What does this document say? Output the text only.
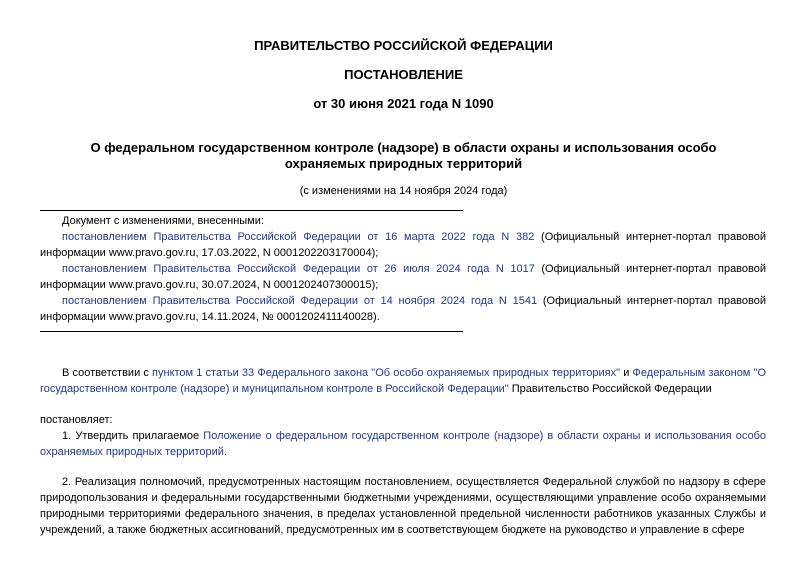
ПРАВИТЕЛЬСТВО РОССИЙСКОЙ ФЕДЕРАЦИИ
ПОСТАНОВЛЕНИЕ
от 30 июня 2021 года N 1090
О федеральном государственном контроле (надзоре) в области охраны и использования особо охраняемых природных территорий
(с изменениями на 14 ноября 2024 года)
Документ с изменениями, внесенными:
постановлением Правительства Российской Федерации от 16 марта 2022 года N 382 (Официальный интернет-портал правовой информации www.pravo.gov.ru, 17.03.2022, N 0001202203170004);
постановлением Правительства Российской Федерации от 26 июля 2024 года N 1017 (Официальный интернет-портал правовой информации www.pravo.gov.ru, 30.07.2024, N 0001202407300015);
постановлением Правительства Российской Федерации от 14 ноября 2024 года N 1541 (Официальный интернет-портал правовой информации www.pravo.gov.ru, 14.11.2024, № 0001202411140028).
В соответствии с пунктом 1 статьи 33 Федерального закона "Об особо охраняемых природных территориях" и Федеральным законом "О государственном контроле (надзоре) и муниципальном контроле в Российской Федерации" Правительство Российской Федерации
постановляет:
1. Утвердить прилагаемое Положение о федеральном государственном контроле (надзоре) в области охраны и использования особо охраняемых природных территорий.
2. Реализация полномочий, предусмотренных настоящим постановлением, осуществляется Федеральной службой по надзору в сфере природопользования и федеральными государственными бюджетными учреждениями, осуществляющими управление особо охраняемыми природными территориями федерального значения, в пределах установленной предельной численности работников указанных Службы и учреждений, а также бюджетных ассигнований, предусмотренных им в соответствующем бюджете на руководство и управление в сфере
